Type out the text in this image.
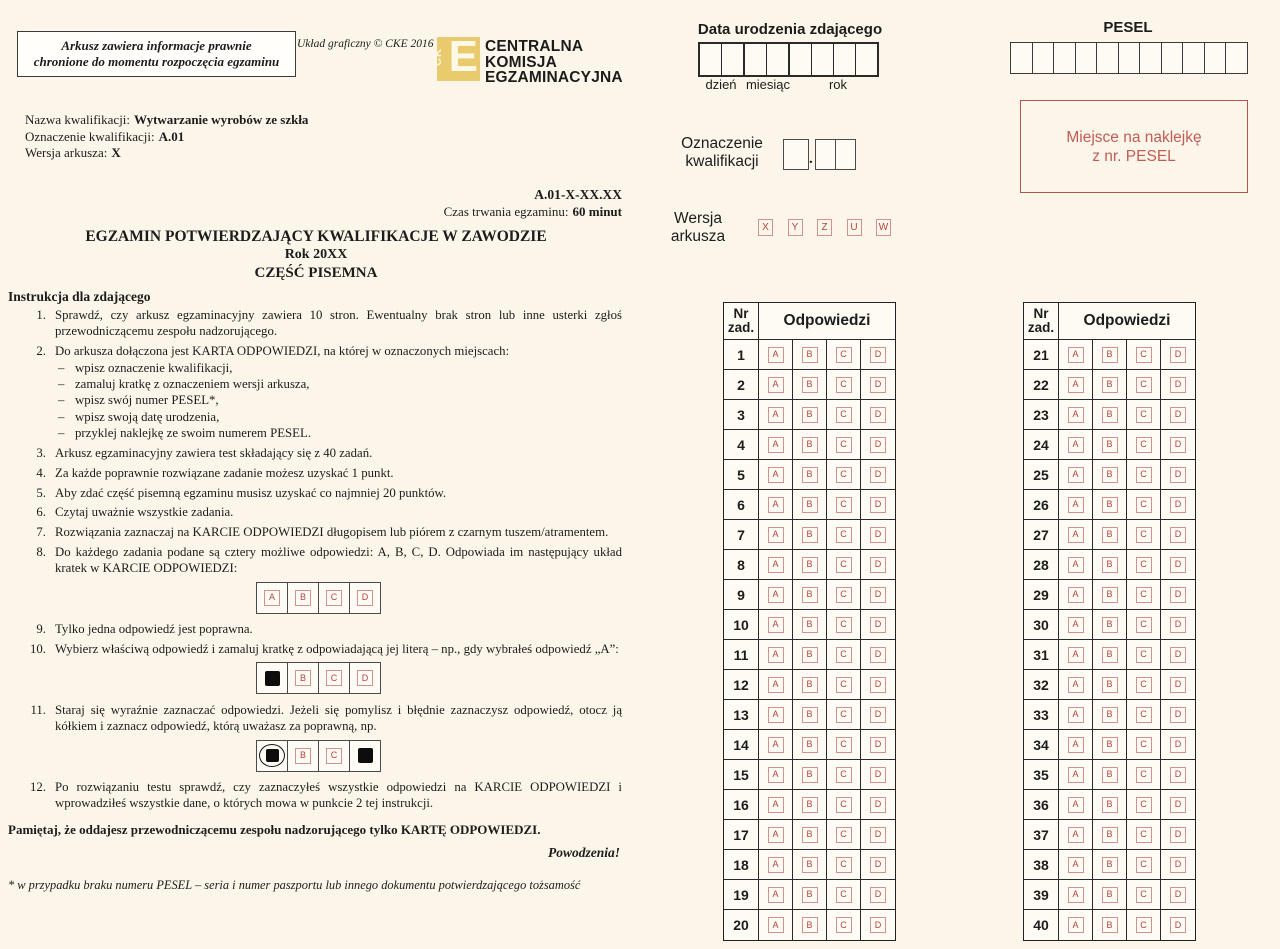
Arkusz zawiera informacje prawnie
chronione do momentu rozpoczęcia egzaminu
Układ graficzny © CKE 2016
CK E CENTRALNA
KOMISJA
EGZAMINACYJNA
Nazwa kwalifikacji: Wytwarzanie wyrobów ze szkła
Oznaczenie kwalifikacji: A.01
Wersja arkusza: X
A.01-X-XX.XX
Czas trwania egzaminu: 60 minut
EGZAMIN POTWIERDZAJĄCY KWALIFIKACJE W ZAWODZIE
Rok 20XX
CZĘŚĆ PISEMNA
Instrukcja dla zdającego
1. Sprawdź, czy arkusz egzaminacyjny zawiera 10 stron. Ewentualny brak stron lub inne usterki zgłoś przewodniczącemu zespołu nadzorującego.
2. Do arkusza dołączona jest KARTA ODPOWIEDZI, na której w oznaczonych miejscach:
– wpisz oznaczenie kwalifikacji,
– zamaluj kratkę z oznaczeniem wersji arkusza,
– wpisz swój numer PESEL*,
– wpisz swoją datę urodzenia,
– przyklej naklejkę ze swoim numerem PESEL.
3. Arkusz egzaminacyjny zawiera test składający się z 40 zadań.
4. Za każde poprawnie rozwiązane zadanie możesz uzyskać 1 punkt.
5. Aby zdać część pisemną egzaminu musisz uzyskać co najmniej 20 punktów.
6. Czytaj uważnie wszystkie zadania.
7. Rozwiązania zaznaczaj na KARCIE ODPOWIEDZI długopisem lub piórem z czarnym tuszem/atramentem.
8. Do każdego zadania podane są cztery możliwe odpowiedzi: A, B, C, D. Odpowiada im następujący układ kratek w KARCIE ODPOWIEDZI:
A	B	C	D
9. Tylko jedna odpowiedź jest poprawna.
10. Wybierz właściwą odpowiedź i zamaluj kratkę z odpowiadającą jej literą – np., gdy wybrałeś odpowiedź „A”:
B	C	D
11. Staraj się wyraźnie zaznaczać odpowiedzi. Jeżeli się pomylisz i błędnie zaznaczysz odpowiedź, otocz ją kółkiem i zaznacz odpowiedź, którą uważasz za poprawną, np.
B	C
12. Po rozwiązaniu testu sprawdź, czy zaznaczyłeś wszystkie odpowiedzi na KARCIE ODPOWIEDZI i wprowadziłeś wszystkie dane, o których mowa w punkcie 2 tej instrukcji.
Pamiętaj, że oddajesz przewodniczącemu zespołu nadzorującego tylko KARTĘ ODPOWIEDZI.
Powodzenia!
* w przypadku braku numeru PESEL – seria i numer paszportu lub innego dokumentu potwierdzającego tożsamość
Data urodzenia zdającego
dzień miesiąc	rok
Oznaczenie
kwalifikacji	.
Wersja
arkusza
X	Y	Z	U	W
PESEL
Miejsce na naklejkę
z nr. PESEL
Nr
zad.	Odpowiedzi
1	A	B	C	D
2	A	B	C	D
3	A	B	C	D
4	A	B	C	D
5	A	B	C	D
6	A	B	C	D
7	A	B	C	D
8	A	B	C	D
9	A	B	C	D
10	A	B	C	D
11	A	B	C	D
12	A	B	C	D
13	A	B	C	D
14	A	B	C	D
15	A	B	C	D
16	A	B	C	D
17	A	B	C	D
18	A	B	C	D
19	A	B	C	D
20	A	B	C	D
Nr
zad.	Odpowiedzi
21	A	B	C	D
22	A	B	C	D
23	A	B	C	D
24	A	B	C	D
25	A	B	C	D
26	A	B	C	D
27	A	B	C	D
28	A	B	C	D
29	A	B	C	D
30	A	B	C	D
31	A	B	C	D
32	A	B	C	D
33	A	B	C	D
34	A	B	C	D
35	A	B	C	D
36	A	B	C	D
37	A	B	C	D
38	A	B	C	D
39	A	B	C	D
40	A	B	C	D
